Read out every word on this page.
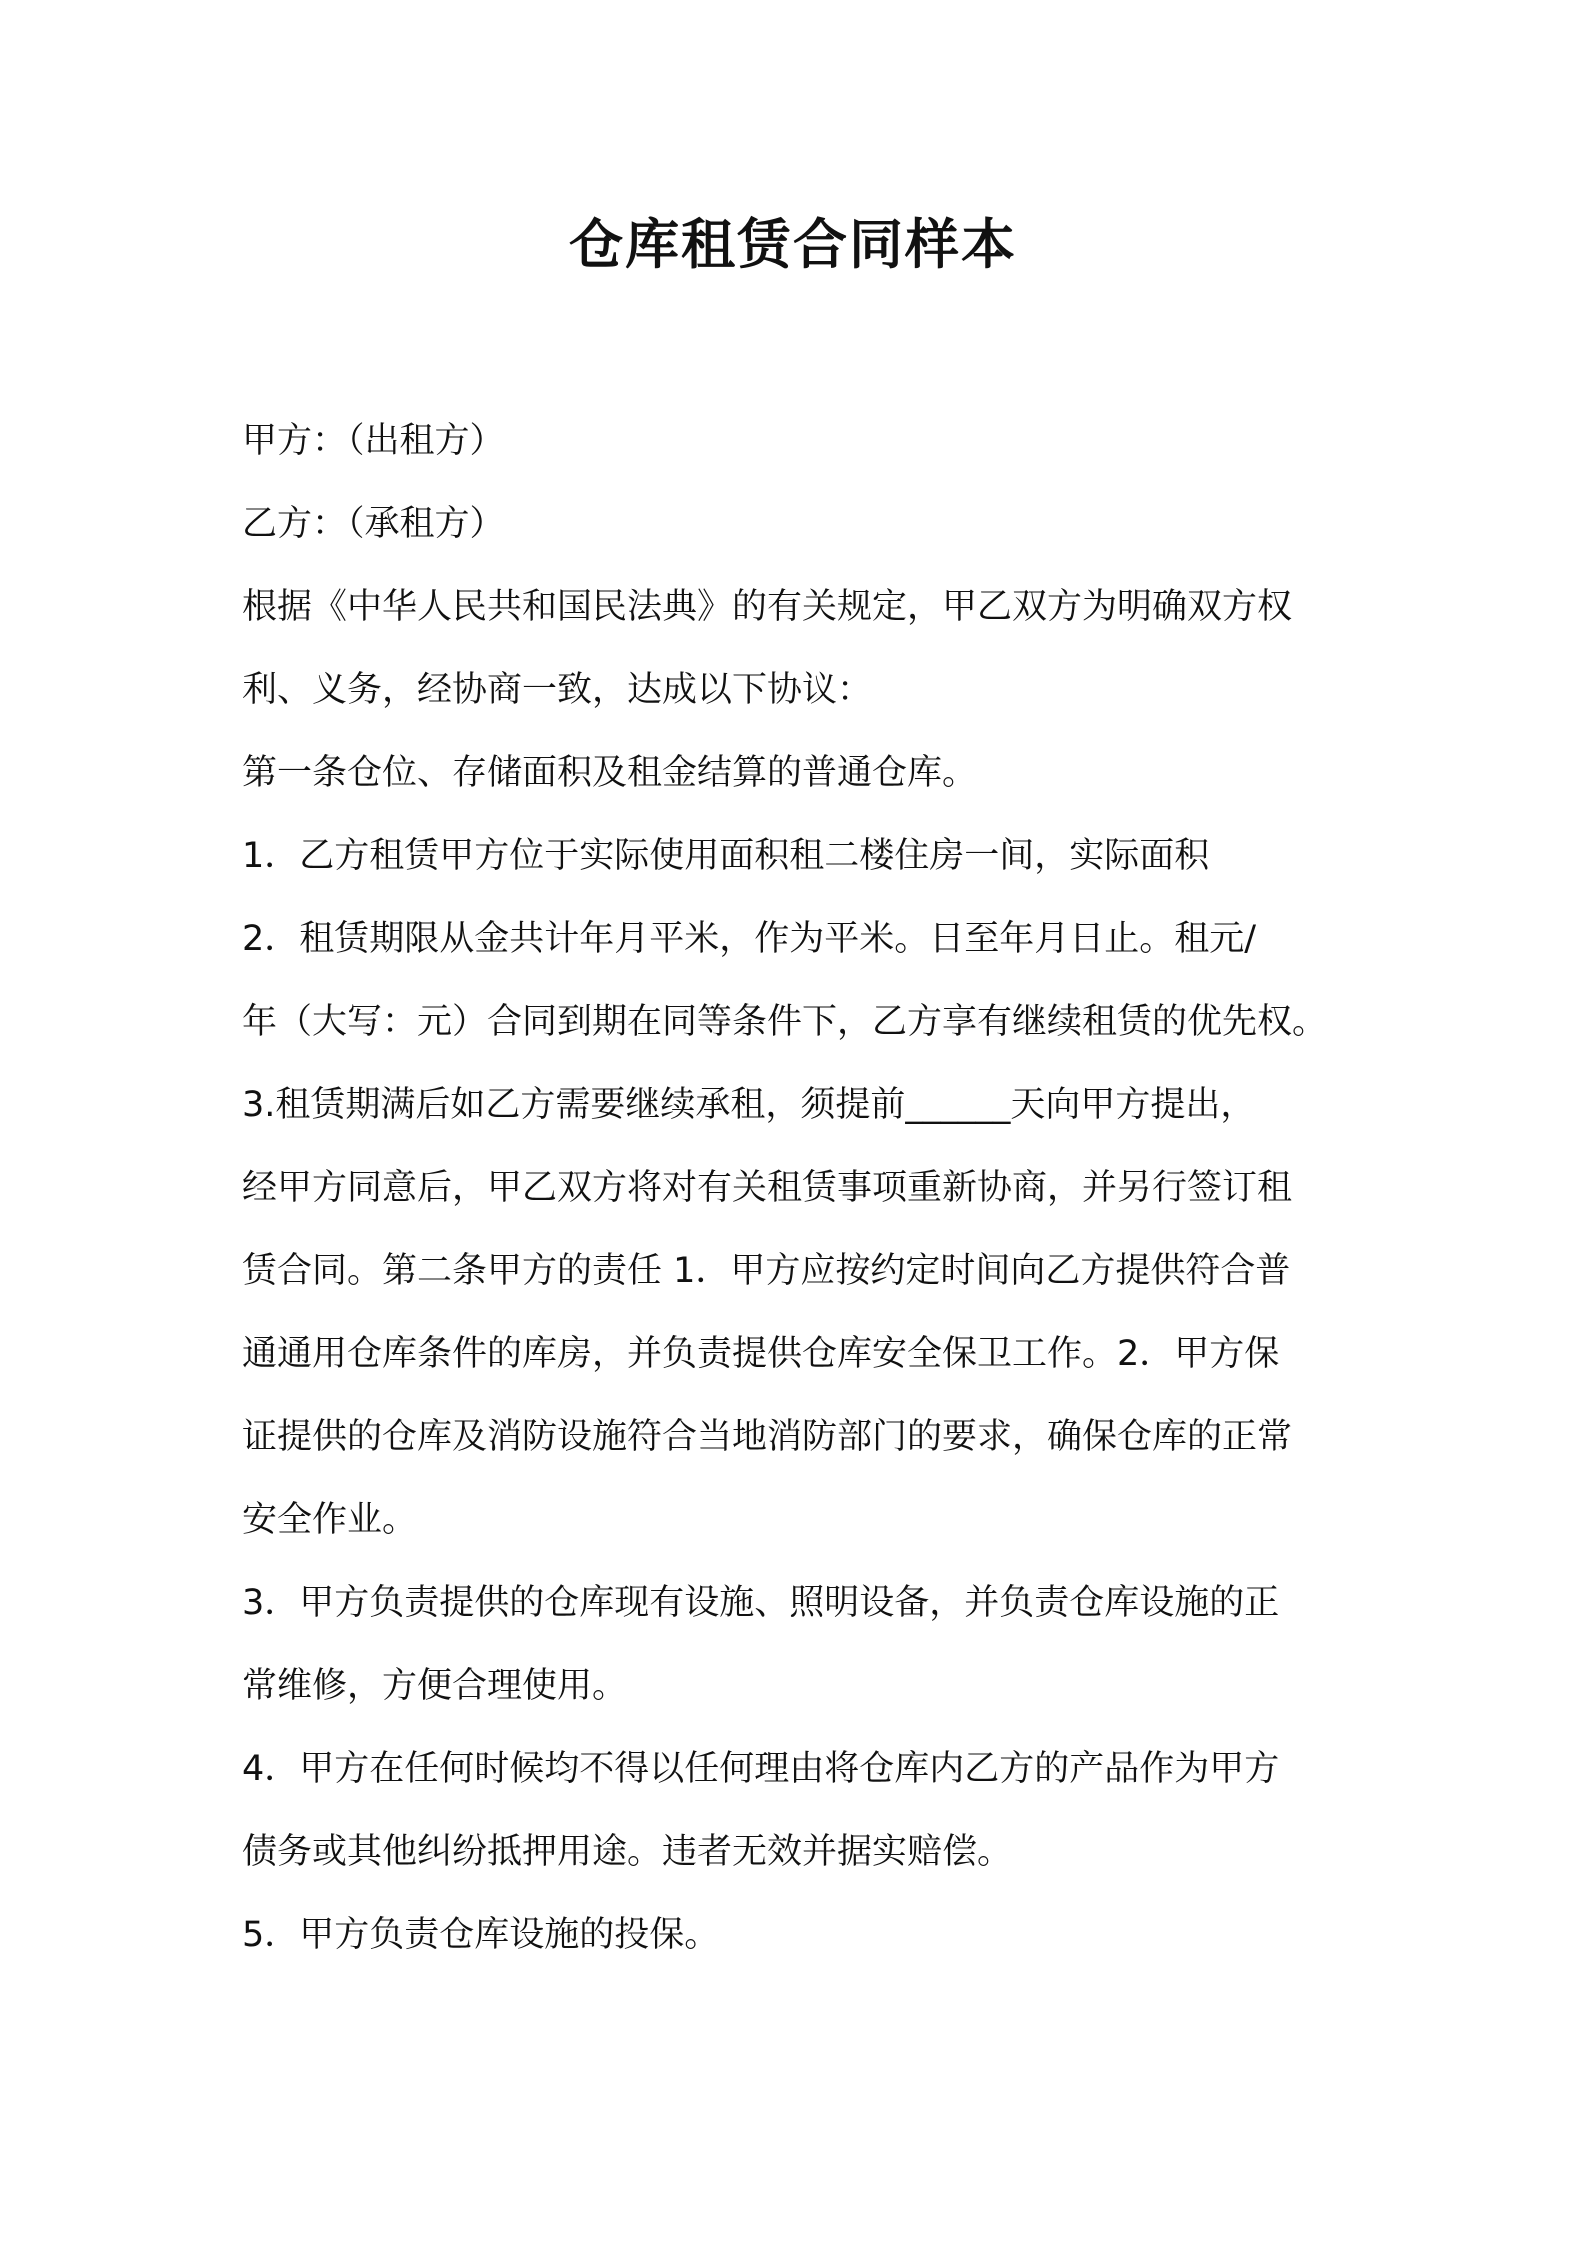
仓库租赁合同样本

甲方：（出租方）

乙方：（承租方）

根据《中华人民共和国民法典》的有关规定，甲乙双方为明确双方权

利、义务，经协商一致，达成以下协议：

第一条仓位、存储面积及租金结算的普通仓库。

1．乙方租赁甲方位于实际使用面积租二楼住房一间，实际面积

2．租赁期限从金共计年月平米，作为平米。日至年月日止。租元/

年（大写：元）合同到期在同等条件下，乙方享有继续租赁的优先权。

3.租赁期满后如乙方需要继续承租，须提前______天向甲方提出，

经甲方同意后，甲乙双方将对有关租赁事项重新协商，并另行签订租

赁合同。第二条甲方的责任 1．甲方应按约定时间向乙方提供符合普

通通用仓库条件的库房，并负责提供仓库安全保卫工作。2．甲方保

证提供的仓库及消防设施符合当地消防部门的要求，确保仓库的正常

安全作业。

3．甲方负责提供的仓库现有设施、照明设备，并负责仓库设施的正

常维修，方便合理使用。

4．甲方在任何时候均不得以任何理由将仓库内乙方的产品作为甲方

债务或其他纠纷抵押用途。违者无效并据实赔偿。

5．甲方负责仓库设施的投保。
